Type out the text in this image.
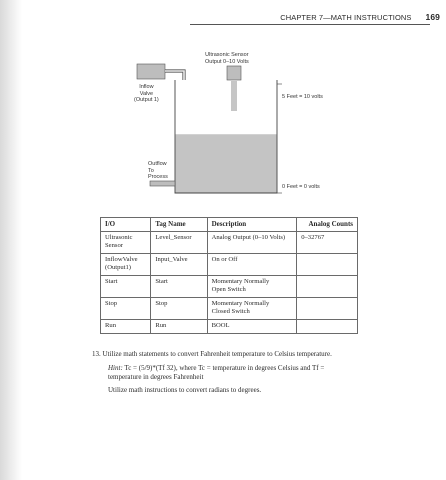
CHAPTER 7—MATH INSTRUCTIONS 169
Ultrasonic Sensor
Output 0–10 Volts
Inflow
Valve
(Output 1)
Outflow
To
Process
5 Feet = 10 volts
0 Feet = 0 volts
I/O	Tag Name	Description	Analog Counts

Ultrasonic
Sensor	Level_Sensor	Analog Output (0–10 Volts)	0–32767

InflowValve
(Output1)	Input_Valve	On or Off	

Start	Start	Momentary Normally
Open Switch	

Stop	Stop	Momentary Normally
Closed Switch	

Run	Run	BOOL	

13. Utilize math statements to convert Fahrenheit temperature to Celsius temperature.
Hint: Tc = (5/9)*(Tf 32), where Tc = temperature in degrees Celsius and Tf =
temperature in degrees Fahrenheit
Utilize math instructions to convert radians to degrees.
